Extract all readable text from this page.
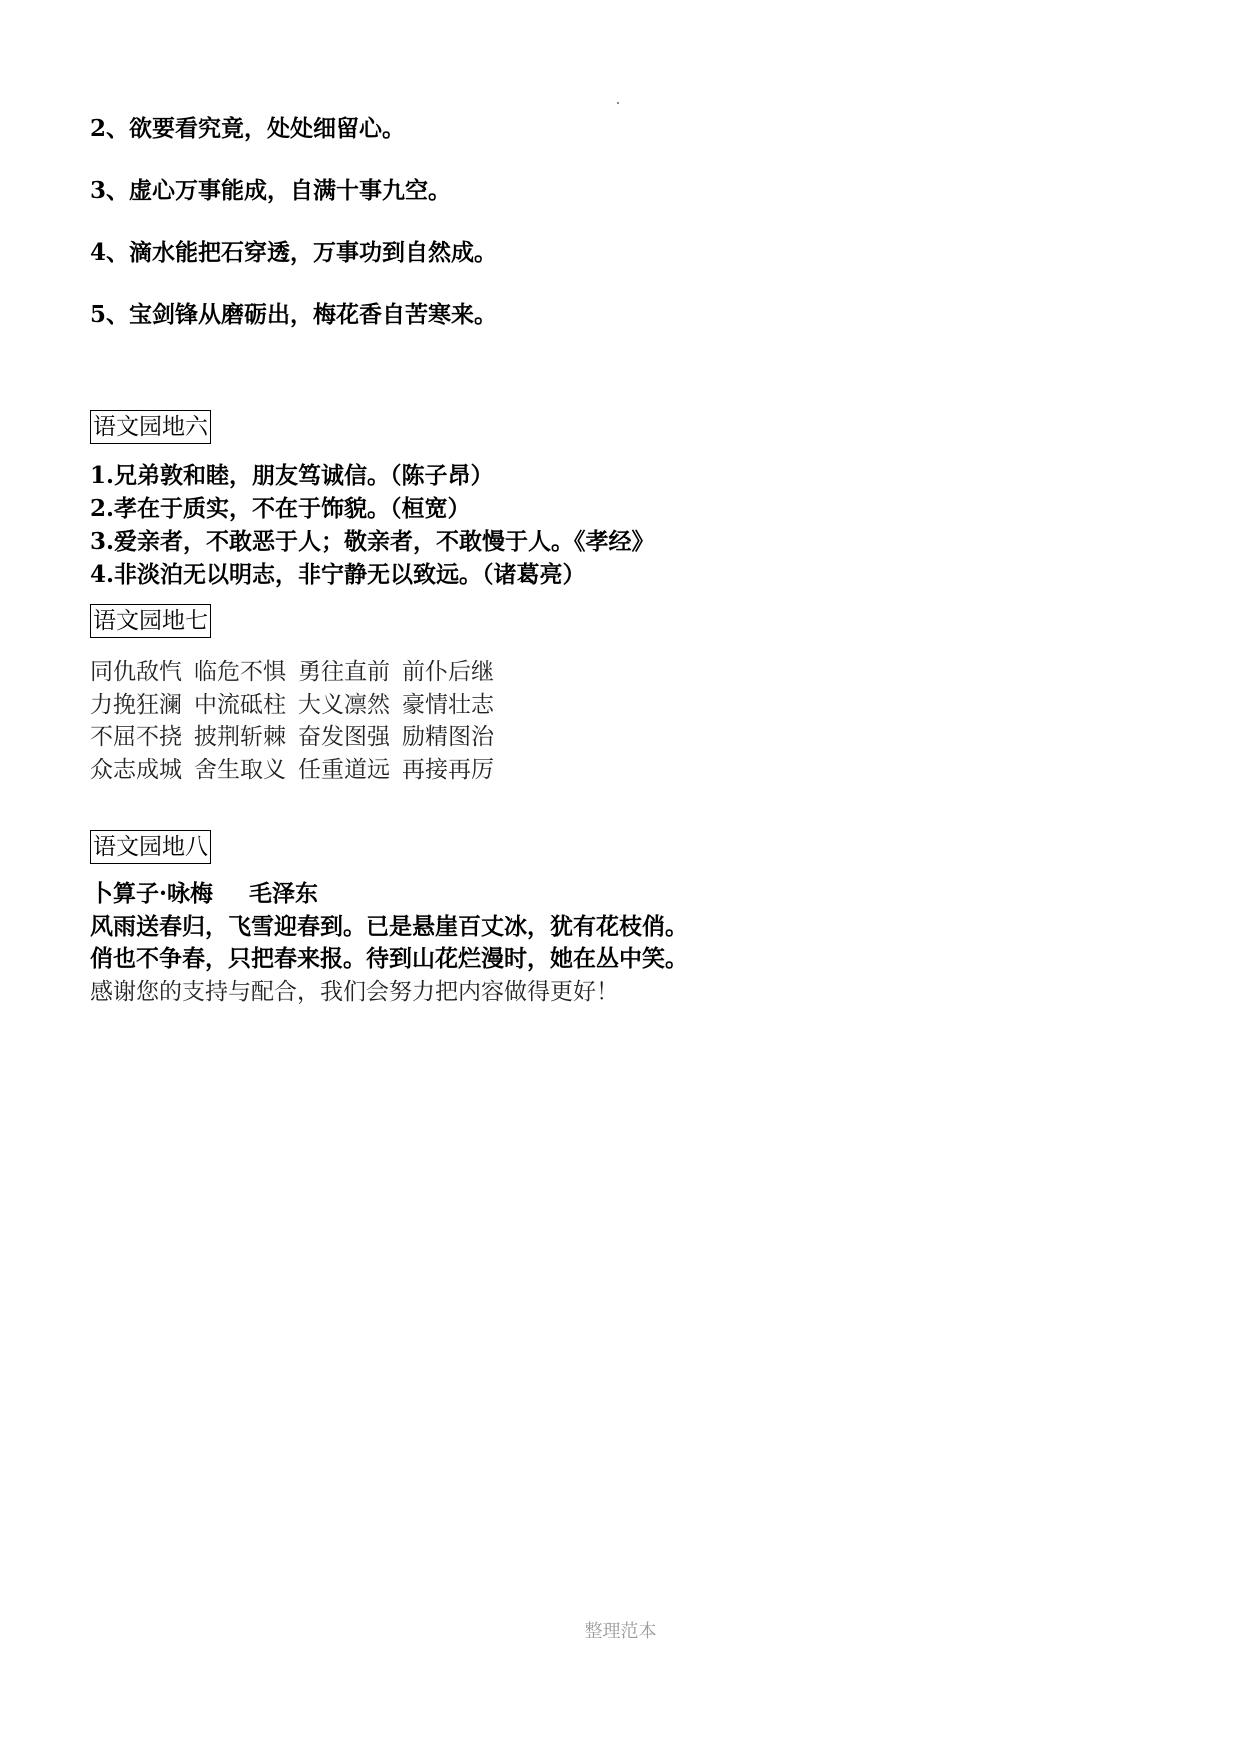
2、欲要看究竟，处处细留心。
3、虚心万事能成，自满十事九空。
4、滴水能把石穿透，万事功到自然成。
5、宝剑锋从磨砺出，梅花香自苦寒来。
语文园地六
1.兄弟敦和睦，朋友笃诚信。（陈子昂）
2.孝在于质实，不在于饰貌。（桓宽）
3.爱亲者，不敢恶于人；敬亲者，不敢慢于人。《孝经》
4.非淡泊无以明志，非宁静无以致远。（诸葛亮）
语文园地七
同仇敌忾 临危不惧 勇往直前 前仆后继
力挽狂澜 中流砥柱 大义凛然 豪情壮志
不屈不挠 披荆斩棘 奋发图强 励精图治
众志成城 舍生取义 任重道远 再接再厉
语文园地八
卜算子·咏梅 毛泽东
风雨送春归，飞雪迎春到。已是悬崖百丈冰，犹有花枝俏。
俏也不争春，只把春来报。待到山花烂漫时，她在丛中笑。
感谢您的支持与配合，我们会努力把内容做得更好！
整理范本
